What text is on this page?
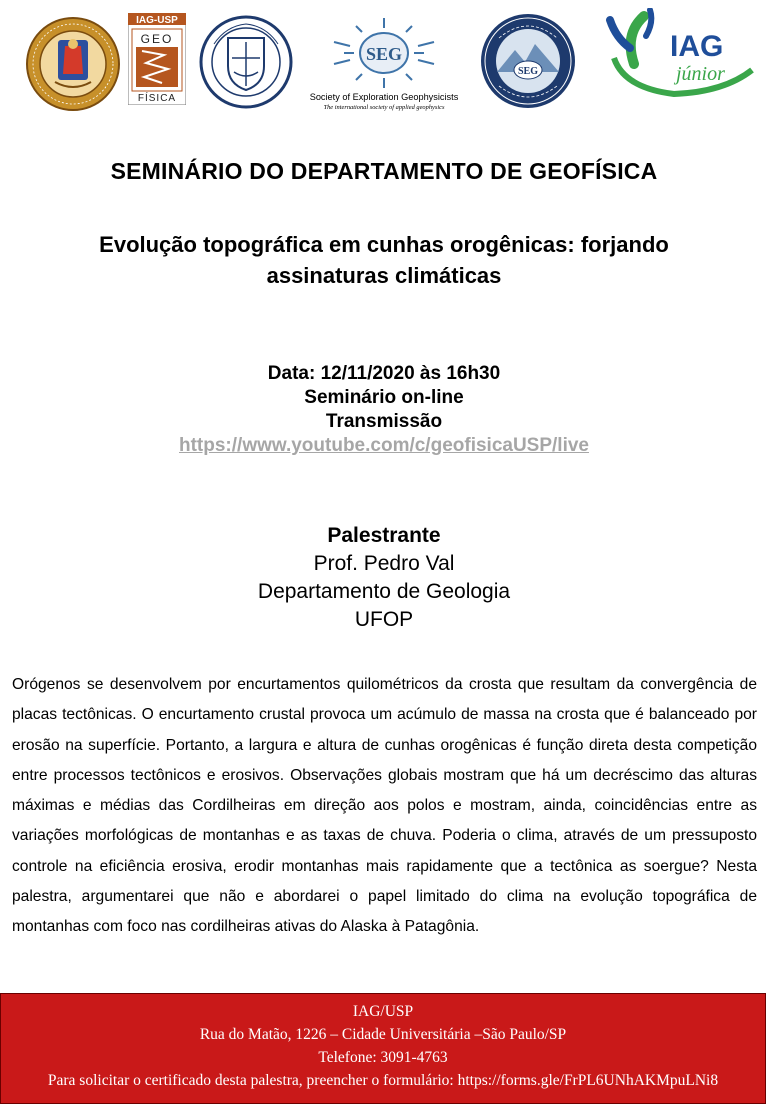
IAG-USP
GEO
FÍSICA
SEG
Society of Exploration Geophysicists
The international society of applied geophysics
SEG
IAG
júnior
SEMINÁRIO DO DEPARTAMENTO DE GEOFÍSICA
Evolução topográfica em cunhas orogênicas: forjando
assinaturas climáticas
Data: 12/11/2020 às 16h30
Seminário on-line
Transmissão
https://www.youtube.com/c/geofisicaUSP/live
Palestrante
Prof. Pedro Val
Departamento de Geologia
UFOP
Orógenos se desenvolvem por encurtamentos quilométricos da crosta que resultam da convergência de placas tectônicas. O encurtamento crustal provoca um acúmulo de massa na crosta que é balanceado por erosão na superfície. Portanto, a largura e altura de cunhas orogênicas é função direta desta competição entre processos tectônicos e erosivos. Observações globais mostram que há um decréscimo das alturas máximas e médias das Cordilheiras em direção aos polos e mostram, ainda, coincidências entre as variações morfológicas de montanhas e as taxas de chuva. Poderia o clima, através de um pressuposto controle na eficiência erosiva, erodir montanhas mais rapidamente que a tectônica as soergue? Nesta palestra, argumentarei que não e abordarei o papel limitado do clima na evolução topográfica de montanhas com foco nas cordilheiras ativas do Alaska à Patagônia.
IAG/USP
Rua do Matão, 1226 – Cidade Universitária –São Paulo/SP
Telefone: 3091-4763
Para solicitar o certificado desta palestra, preencher o formulário: https://forms.gle/FrPL6UNhAKMpuLNi8
